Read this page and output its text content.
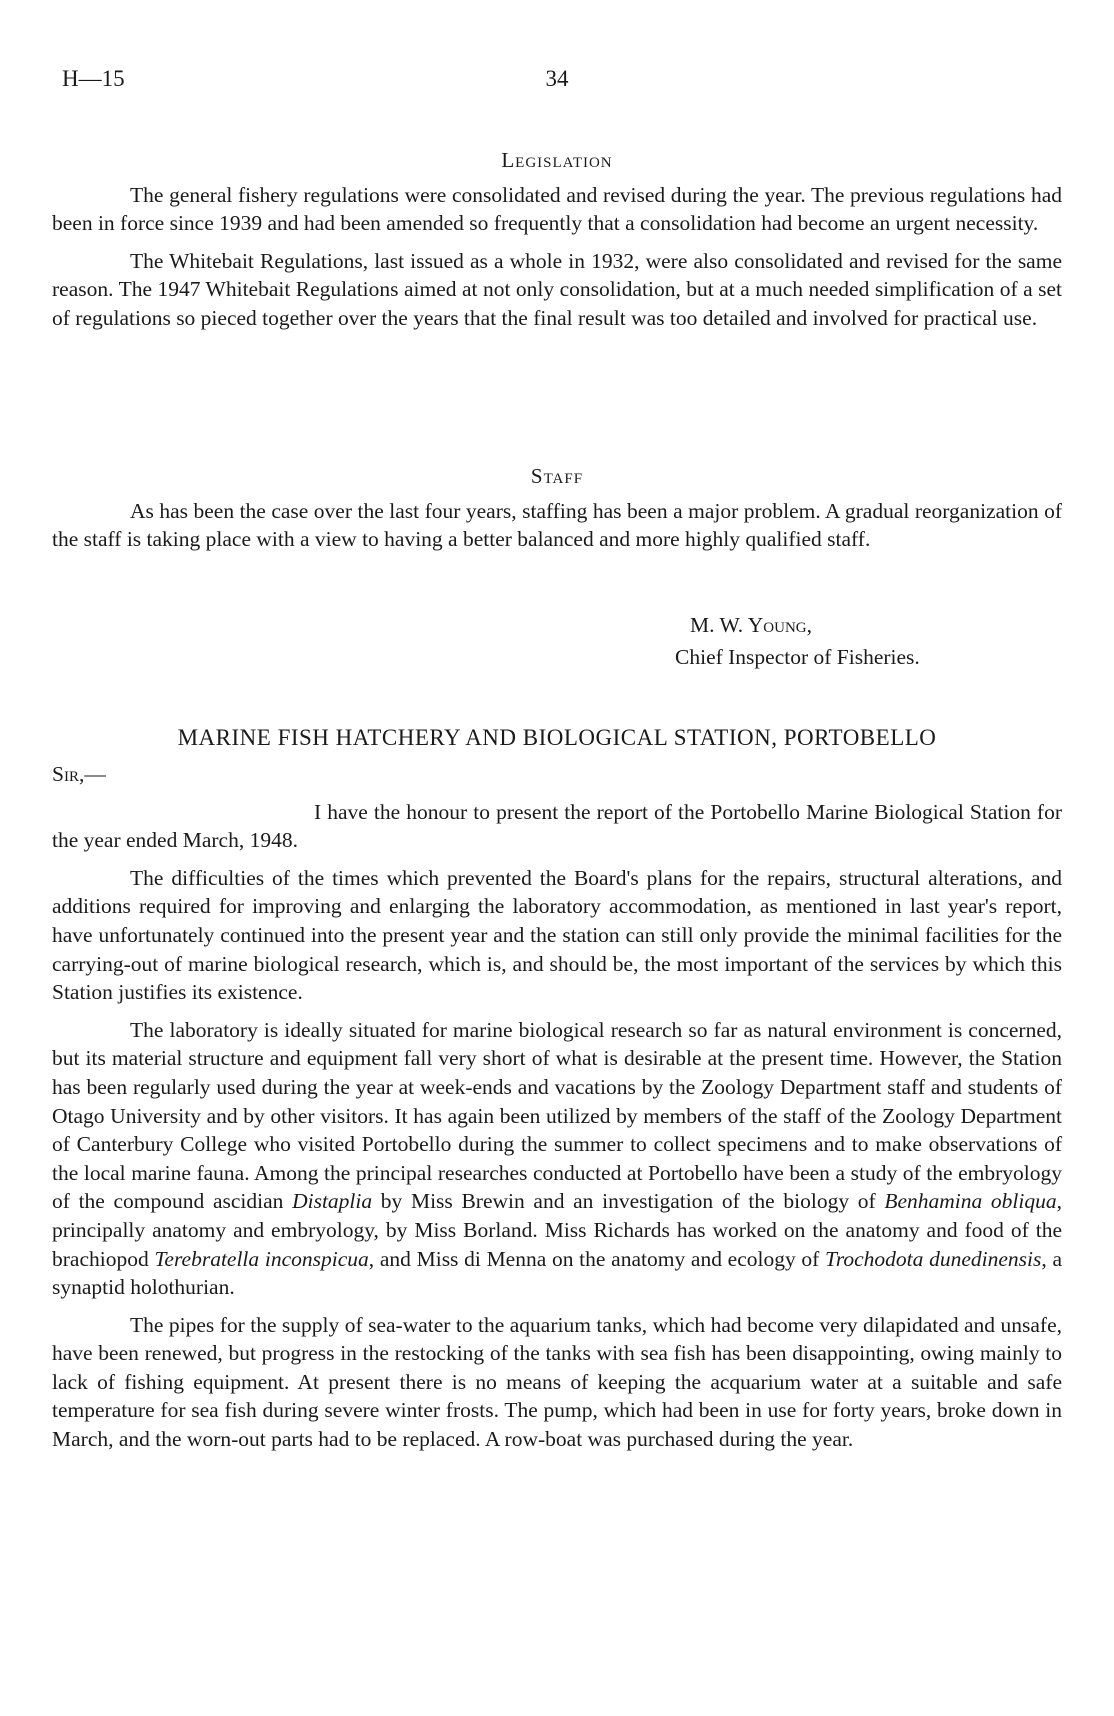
H—15	34
Legislation

The general fishery regulations were consolidated and revised during the year. The previous regulations had been in force since 1939 and had been amended so frequently that a consolidation had become an urgent necessity.

The Whitebait Regulations, last issued as a whole in 1932, were also consolidated and revised for the same reason. The 1947 Whitebait Regulations aimed at not only consolidation, but at a much needed simplification of a set of regulations so pieced together over the years that the final result was too detailed and involved for practical use.

Staff

As has been the case over the last four years, staffing has been a major problem. A gradual reorganization of the staff is taking place with a view to having a better balanced and more highly qualified staff.

M. W. Young,
Chief Inspector of Fisheries.
MARINE FISH HATCHERY AND BIOLOGICAL STATION, PORTOBELLO

Sir,—

I have the honour to present the report of the Portobello Marine Biological Station for the year ended March, 1948.

The difficulties of the times which prevented the Board's plans for the repairs, structural alterations, and additions required for improving and enlarging the laboratory accommodation, as mentioned in last year's report, have unfortunately continued into the present year and the station can still only provide the minimal facilities for the carrying-out of marine biological research, which is, and should be, the most important of the services by which this Station justifies its existence.

The laboratory is ideally situated for marine biological research so far as natural environment is concerned, but its material structure and equipment fall very short of what is desirable at the present time. However, the Station has been regularly used during the year at week-ends and vacations by the Zoology Department staff and students of Otago University and by other visitors. It has again been utilized by members of the staff of the Zoology Department of Canterbury College who visited Portobello during the summer to collect specimens and to make observations of the local marine fauna. Among the principal researches conducted at Portobello have been a study of the embryology of the compound ascidian Distaplia by Miss Brewin and an investigation of the biology of Benhamina obliqua, principally anatomy and embryology, by Miss Borland. Miss Richards has worked on the anatomy and food of the brachiopod Terebratella inconspicua, and Miss di Menna on the anatomy and ecology of Trochodota dunedinensis, a synaptid holothurian.

The pipes for the supply of sea-water to the aquarium tanks, which had become very dilapidated and unsafe, have been renewed, but progress in the restocking of the tanks with sea fish has been disappointing, owing mainly to lack of fishing equipment. At present there is no means of keeping the acquarium water at a suitable and safe temperature for sea fish during severe winter frosts. The pump, which had been in use for forty years, broke down in March, and the worn-out parts had to be replaced. A row-boat was purchased during the year.
